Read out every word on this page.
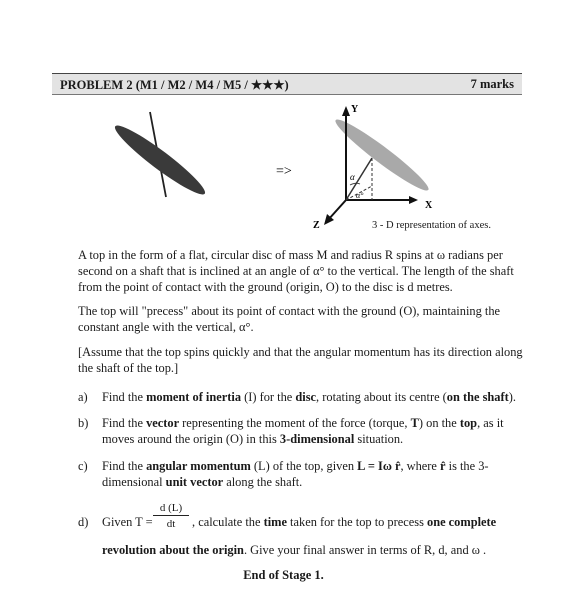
PROBLEM 2 (M1 / M2 / M4 / M5 / ★★★)	7 marks
=>	α
α°
Y
X
Z	3 - D representation of axes.
A top in the form of a flat, circular disc of mass M and radius R spins at ω radians per second on a shaft that is inclined at an angle of α° to the vertical. The length of the shaft from the point of contact with the ground (origin, O) to the disc is d metres.
The top will "precess" about its point of contact with the ground (O), maintaining the constant angle with the vertical, α°.
[Assume that the top spins quickly and that the angular momentum has its direction along the shaft of the top.]
a) Find the moment of inertia (I) for the disc, rotating about its centre (on the shaft).
b) Find the vector representing the moment of the force (torque, T) on the top, as it moves around the origin (O) in this 3-dimensional situation.
c) Find the angular momentum (L) of the top, given L = Iω r̂, where r̂ is the 3-dimensional unit vector along the shaft.
d) Given T =
d (L)
dt	, calculate the time taken for the top to precess one complete
revolution about the origin. Give your final answer in terms of R, d, and ω .
End of Stage 1.
